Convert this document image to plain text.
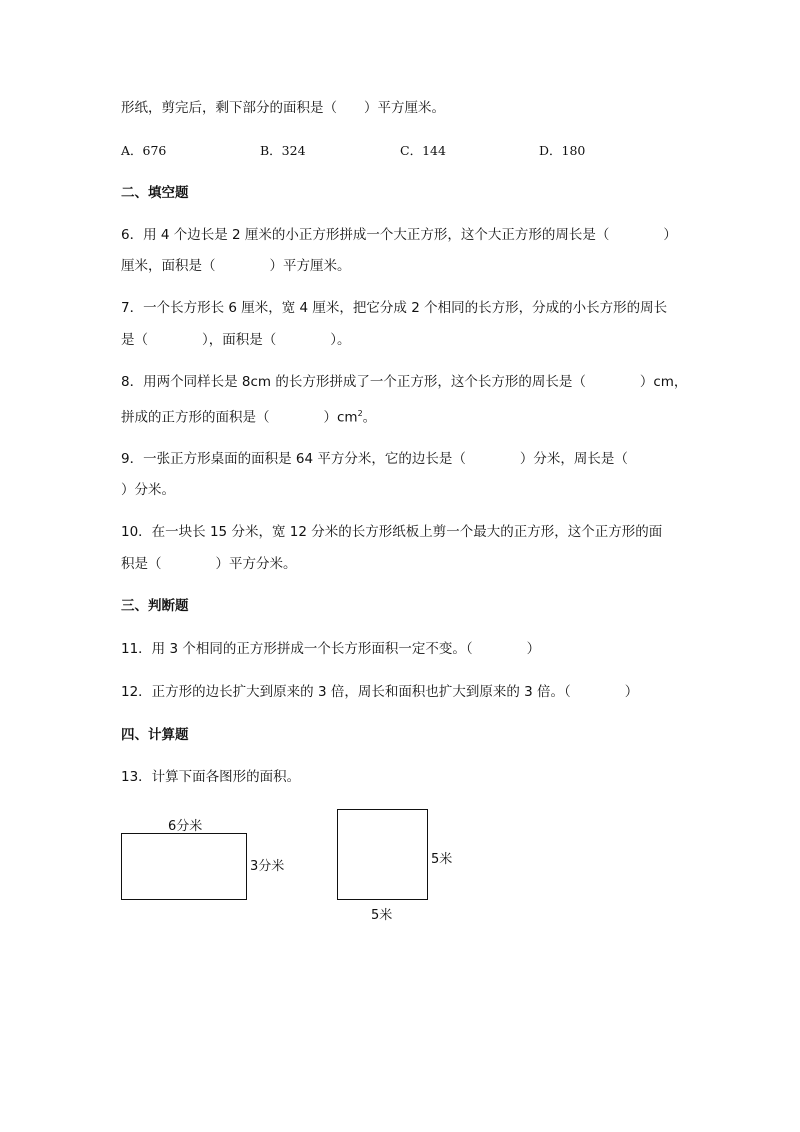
形纸，剪完后，剩下部分的面积是（　　）平方厘米。
A．676	B．324	C．144	D．180
二、填空题
6．用 4 个边长是 2 厘米的小正方形拼成一个大正方形，这个大正方形的周长是（　　　　）
厘米，面积是（　　　　）平方厘米。
7．一个长方形长 6 厘米，宽 4 厘米，把它分成 2 个相同的长方形，分成的小长方形的周长
是（　　　　），面积是（　　　　）。
8．用两个同样长是 8cm 的长方形拼成了一个正方形，这个长方形的周长是（　　　　）cm，
拼成的正方形的面积是（　　　　）$cm^2$。
9．一张正方形桌面的面积是 64 平方分米，它的边长是（　　　　）分米，周长是（
）分米。
10．在一块长 15 分米，宽 12 分米的长方形纸板上剪一个最大的正方形，这个正方形的面
积是（　　　　）平方分米。
三、判断题
11．用 3 个相同的正方形拼成一个长方形面积一定不变。（　　　　）
12．正方形的边长扩大到原来的 3 倍，周长和面积也扩大到原来的 3 倍。（　　　　）
四、计算题
13．计算下面各图形的面积。
6分米
3分米	5米
5米
